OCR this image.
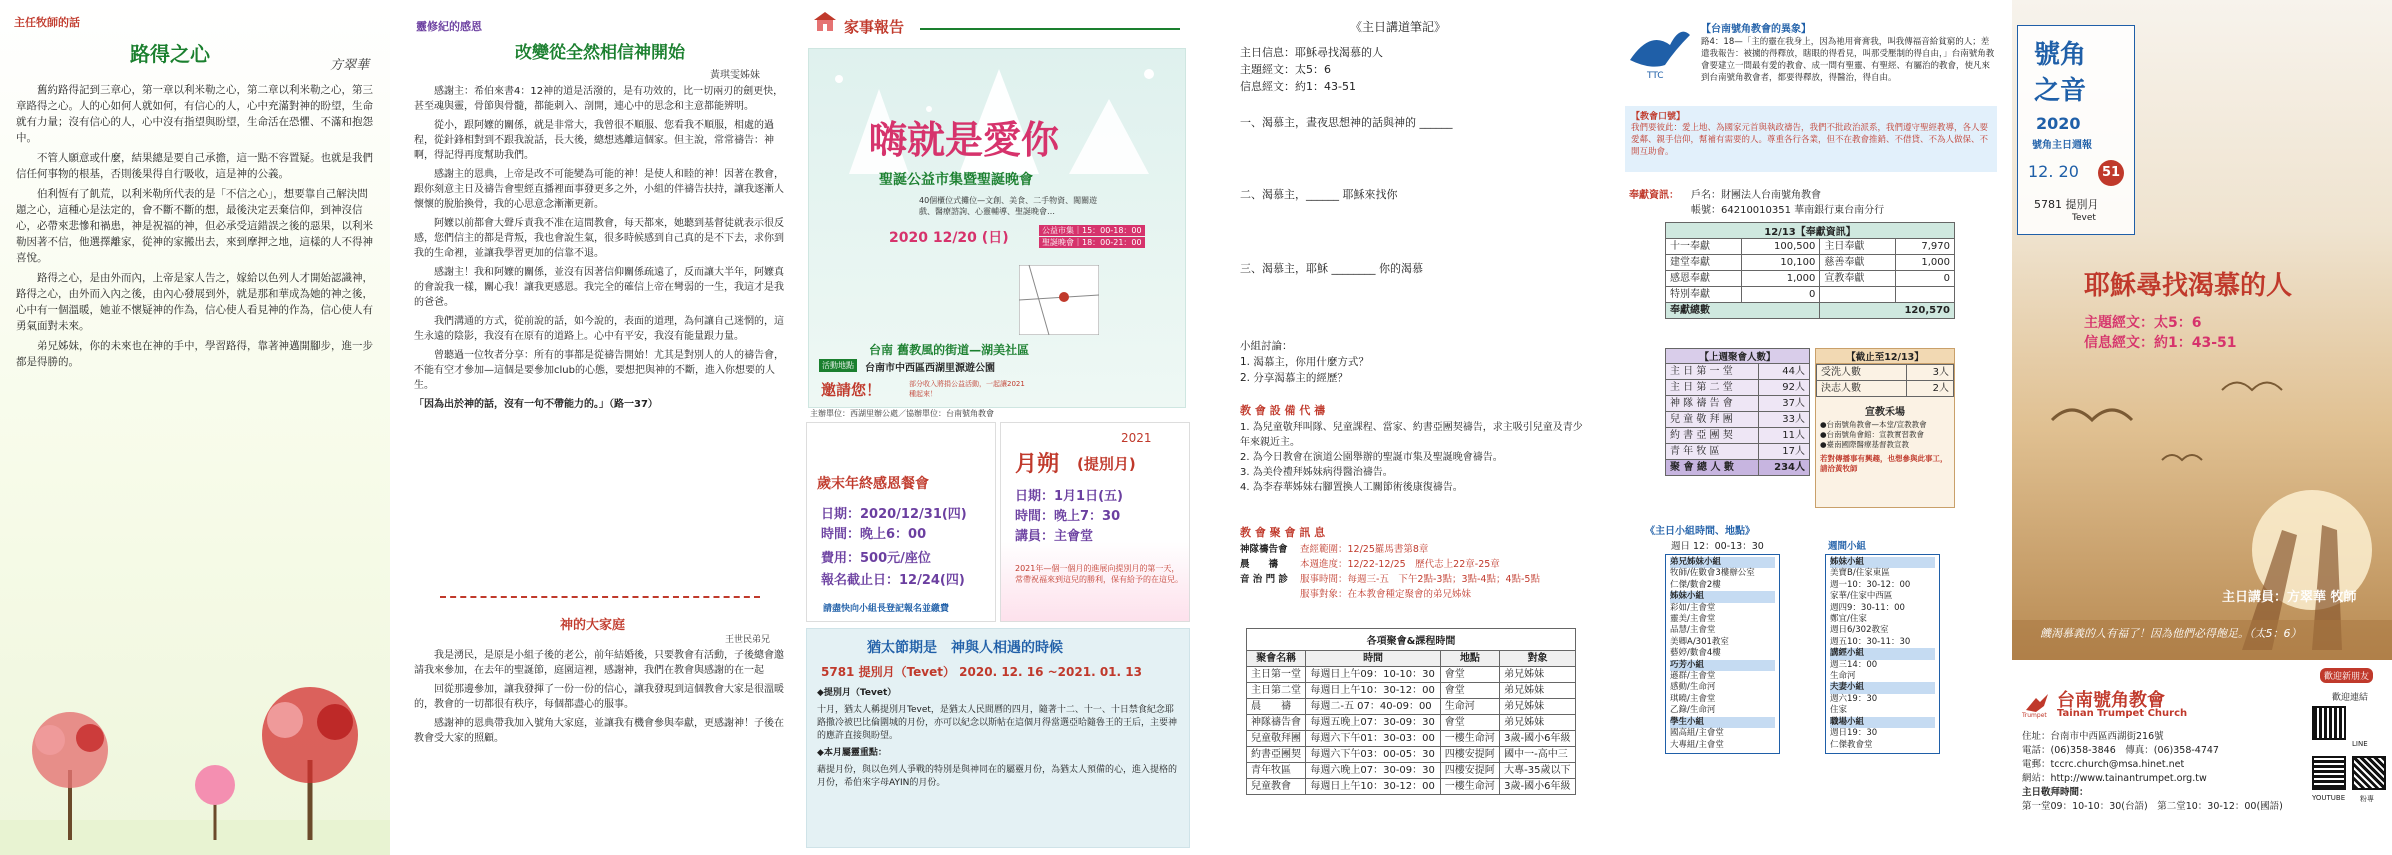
主任牧師的話
路得之心	方翠華

舊約路得記到三章心，第一章以利米勒之心，第二章以利米勒之心，第三章路得之心。人的心如何人就如何，有信心的人，心中充滿對神的盼望，生命就有力量；沒有信心的人，心中沒有指望與盼望，生命活在恐懼、不滿和抱怨中。

不管人願意或什麼，結果總是要自己承擔，這一點不容置疑。也就是我們信任何事物的根基，否則後果得自行吸收，這是神的公義。

伯利恆有了飢荒，以利米勒所代表的是「不信之心」，想要靠自己解決問題之心，這種心是法定的，會不斷不斷的想，最後決定丟棄信仰，到神沒信心，必帶來悲慘和禍患，神是祝福的神，但必承受這錯誤之後的惡果，以利米勒因著不信，他選擇離家，從神的家搬出去，來到摩押之地，這樣的人不得神喜悅。

路得之心，是由外而內，上帝是家人告之，嫁給以色列人才開始認識神，路得之心，由外而入內之後，由內心發展到外，就是那和華成為她的神之後，心中有一個溫暖，她並不懷疑神的作為，信心使人看見神的作為，信心使人有勇氣面對未來。

弟兄姊妹，你的未來也在神的手中，學習路得，靠著神邁開腳步，進一步都是得勝的。

靈修紀的感恩
改變從全然相信神開始
黃琪雯姊妹

感謝主：希伯來書4：12神的道是活潑的，是有功效的，比一切兩刃的劍更快，甚至魂與靈，骨節與骨髓，都能刺入、剖開，連心中的思念和主意都能辨明。

從小，跟阿嬤的關係，就是非常大，我曾很不順服、您看我不順服，相處的過程，從針鋒相對到不跟我說話，長大後，總想逃離這個家。但主說，常常禱告：神啊，得記得再度幫助我們。

感謝主的恩典，上帝是改不可能變為可能的神！是使人和睦的神！因著在教會，跟你刻意主日及禱告會聖經直播裡面事發更多之外，小組的伴禱告扶持，讓我逐漸人懷懷的脫胎換骨，我的心思意念漸漸更新。

阿嬤以前都會大聲斥責我不准在這間教會，每天都來，她聽到基督徒就表示很反感，您們信主的都是背叛，我也會說生氣，很多時候感到自己真的是不下去，求你到我的生命裡，並讓我學習更加的信靠不退。

感謝主！我和阿嬤的關係，並沒有因著信仰關係疏遠了，反而讓大半年，阿嬤真的會說我一樣，關心我！讓我更感恩。我完全的確信上帝在彎弱的一生，我這才是我的爸爸。

我們溝通的方式，從前說的話，如今說的，表面的道理，為何讓自己迷惘的，這生永遠的陰影，我沒有在原有的道路上。心中有平安，我沒有能量跟力量。

曾聽過一位牧者分享：所有的事都是從禱告開始！尤其是對別人的人的禱告會，不能有空才參加—這個是要參加club的心態，要想把與神的不斷，進入你想要的人生。

「因為出於神的話，沒有一句不帶能力的。」（路一37）

神的大家庭
王世民弟兄

我是湧民，是原是小組子後的老公，前年結婚後，只要教會有活動，子後總會邀請我來參加，在去年的聖誕節，庭園這裡，感謝神，我們在教會與感謝的在一起

回從那邊參加，讓我發揮了一份一份的信心，讓我發現到這個教會大家是很溫暖的，教會的一切都很有秩序，每個都盡心的服事。

感謝神的恩典帶我加入號角大家庭，並讓我有機會參與奉獻，更感謝神！子後在教會受大家的照顧。

家事報告
嗨就是愛你
聖誕公益市集暨聖誕晚會
40個櫃位式攤位—文創、美食、二手物資、闖關遊戲、醫療諮詢、心靈輔導、聖誕晚會…
2020 12/20 (日)	公益市集｜15：00-18：00
聖誕晚會｜18：00-21：00
台南 舊教風的街道—湖美社區
活動地點	台南市中西區西湖里源遊公園
邀請您！	部分收入將捐公益活動，一起讓2021種起來！
主辦單位：西湖里辦公處／協辦單位：台南號角教會
歲末年終感恩餐會
日期：2020/12/31(四)
時間：晚上6：00
費用：500元/座位
報名截止日：12/24(四)
請盡快向小組長登記報名並繳費
2021
月朔 (提別月)
日期：1月1日(五)
時間：晚上7：30
講員：主會堂
2021年—個一個月的進展向提別月的第一天，常帶祝福來到這兒的勝利，保有給予的在這兒。
猶太節期是　神與人相遇的時候
5781 提別月（Tevet） 2020. 12. 16 ~2021. 01. 13

◆提別月（Tevet）

十月，猶太人稱提別月Tevet，是猶太人民間曆的四月，隨著十二、十一、十日禁食紀念耶路撒冷被巴比倫圍城的月份，亦可以紀念以斯帖在這個月得當選亞哈隨魯王的王后，主要神的應許直接與盼望。

◆本月屬靈重點：

藉提月份，與以色列人爭戰的特別是與神同在的屬靈月份，為猶太人預備的心，進入提格的月份，希伯來字母AYIN的月份。

《主日講道筆記》
主日信息：耶穌尋找渴慕的人
主題經文：太5：6
信息經文：約1：43-51
一、渴慕主，晝夜思想神的話與神的 ______
二、渴慕主，______ 耶穌來找你
三、渴慕主，耶穌 ________ 你的渴慕
小組討論：
1. 渴慕主，你用什麼方式？
2. 分享渴慕主的經歷？
教 會 設 備 代 禱
1. 為兒童敬拜叫隊、兒童課程、當家、約書亞團契禱告，求主吸引兒童及青少年來親近主。
2. 為今日教會在演道公園舉辦的聖誕市集及聖誕晚會禱告。
3. 為美伶禮拜姊妹病得醫治禱告。
4. 為李春華姊妹右腳置換人工關節術後康復禱告。
教 會 聚 會 訊 息
神隊禱告會 查經範圍：12/25羅馬書第8章
晨　　禱 本週進度：12/22-12/25　歷代志上22章-25章
音 治 門 診 服事時間：每週三-五　下午2點-3點；3點-4點；4點-5點
服事對象：在本教會種定聚會的弟兄姊妹
各項聚會&課程時間
聚會名稱	時間	地點	對象
主日第一堂	每週日上午09：10-10：30	會堂	弟兄姊妹
主日第二堂	每週日上午10：30-12：00	會堂	弟兄姊妹
晨　　禱	每週二-五 07：40-09：00	生命河	弟兄姊妹
神隊禱告會	每週五晚上07：30-09：30	會堂	弟兄姊妹
兒童敬拜團	每週六下午01：30-03：00	一樓生命河	3歲-國小6年級
約書亞團契	每週六下午03：00-05：30	四樓安提阿	國中一-高中三
青年牧區	每週六晚上07：30-09：30	四樓安提阿	大專-35歲以下
兒童教會	每週日上午10：30-12：00	一樓生命河	3歲-國小6年級
TTC
【台南號角教會的異象】
路4：18—「主的靈在我身上，因為祂用膏膏我，叫我傳福音給貧窮的人；差遣我報告：被擄的得釋放，瞎眼的得看見，叫那受壓制的得自由，」台南號角教會要建立一間最有愛的教會、成一間有聖靈、有聖經、有屬治的教會，使凡來到台南號角教會者，都要得釋放，得醫治，得自由。
【教會口號】
我們要彼此：愛上地、為國家元首與執政禱告，我們不批政治派系，我們遵守聖經教導，各人要愛鄰、親手信仰，幫補有需要的人。尊重各行各業，但不在教會推銷、不借貸、不為人做保、不開互助會。
奉獻資訊： 戶名：財團法人台南號角教會
帳號：64210010351 華南銀行東台南分行
12/13【奉獻資訊】
十一奉獻	100,500	主日奉獻	7,970
建堂奉獻	10,100	慈善奉獻	1,000
感恩奉獻	1,000	宣教奉獻	0
特別奉獻	0		
奉獻總數		120,570	
【上週聚會人數】
主 日 第 一 堂	44人
主 日 第 二 堂	92人
神 隊 禱 告 會	37人
兒 童 敬 拜 團	33人
約 書 亞 團 契	11人
青 年 牧 區	17人
聚 會 總 人 數	234人
【截止至12/13】
受洗人數	3人
決志人數	2人
宣教禾場
●台南號角教會—本堂/宣教教會
●台南號角會館：宣教實習教會
●臺南國際醫療基督教宣教
若對傳播事有興趣，也想參與此事工，請洽黃牧師
《主日小組時間、地點》
週日 12：00-13：30
弟兄姊妹小組
牧師/佐數會3樓辦公室
仁傑/數會2樓
姊妹小組
彩如/主會堂
靈美/主會堂
品慧/主會堂
美卿A/301教室
藝婷/數會4樓
巧芳小組
遜群/主會堂
感動/生命河
琪曉/主會堂
乙錄/生命河
學生小組
國高組/主會堂
大專組/主會堂
週間小組
姊妹小組
美寶B/住家東區
週一10：30-12：00
家華/住家中西區
週四9：30-11：00
鄭宜/住家
週日6/302教室
週五10：30-11：30
講經小組
週三14：00
生命河
夫妻小組
週六19：30
住家
職場小組
週日19：30
仁傑教會堂
號角
之音
2020
號角主日週報
12. 20	51
5781 提別月
Tevet
耶穌尋找渴慕的人
主題經文：太5：6
信息經文：約1：43-51
主日講員：方翠華 牧師
饑渴慕義的人有福了！因為他們必得飽足。（太5：6）
歡迎新朋友
Trumpet
台南號角教會
Tainan Trumpet Church
歡迎連結
住址：台南市中西區西湖街216號
電話：(06)358-3846　傳真：(06)358-4747
電郵：tccrc.church@msa.hinet.net
網站：http://www.tainantrumpet.org.tw
主日敬拜時間：
第一堂09：10-10：30(台語)　第二堂10：30-12：00(國語)
LINE
YOUTUBE 粉專
